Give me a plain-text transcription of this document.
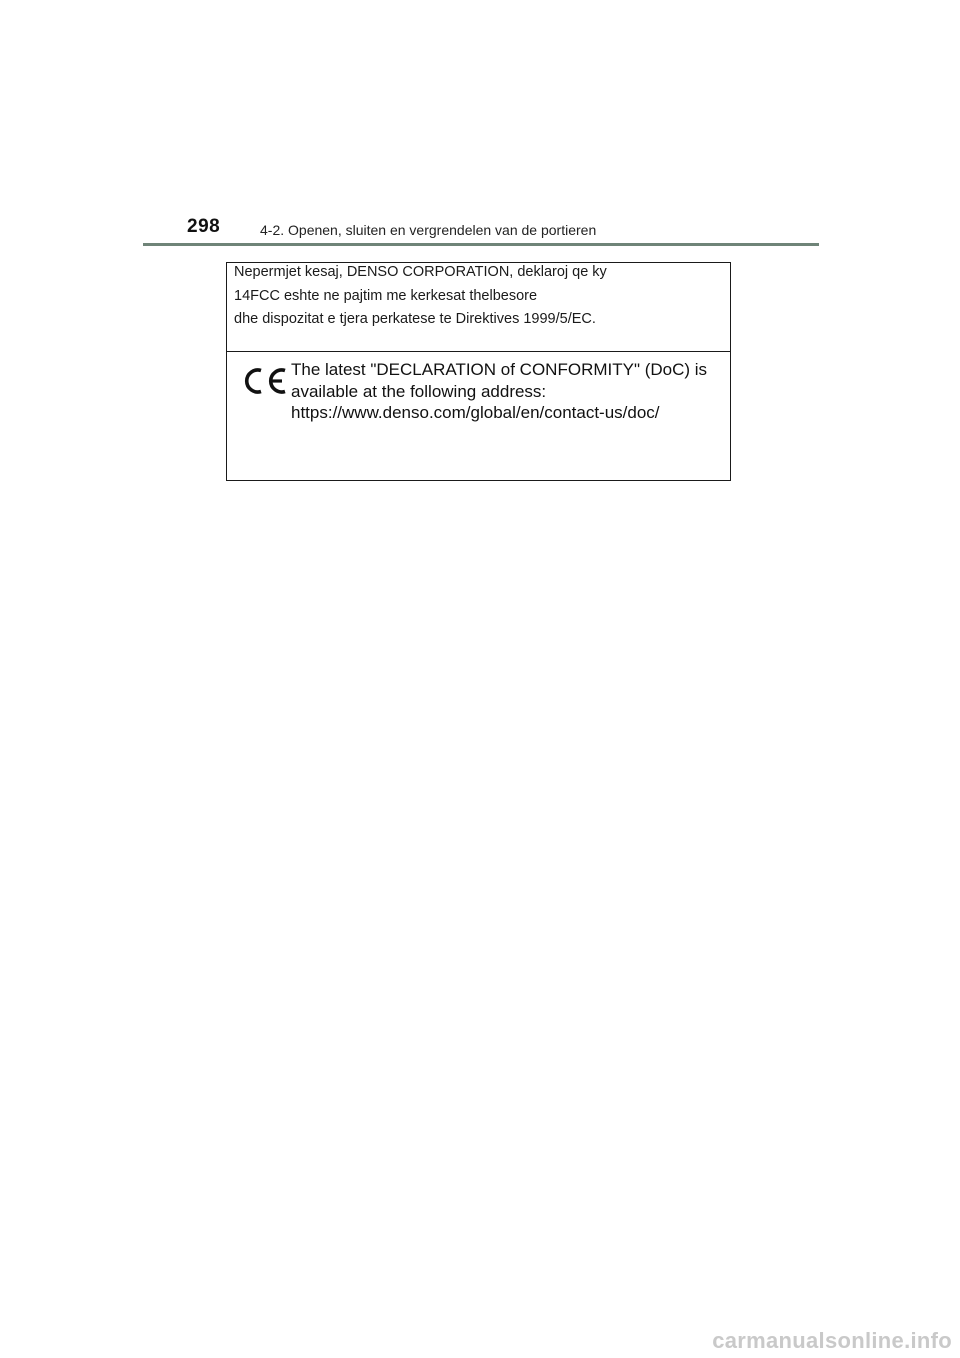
298	4-2. Openen, sluiten en vergrendelen van de portieren
Nepermjet kesaj, DENSO CORPORATION, deklaroj qe ky
14FCC eshte ne pajtim me kerkesat thelbesore
dhe dispozitat e tjera perkatese te Direktives 1999/5/EC.
The latest "DECLARATION of CONFORMITY" (DoC) is
available at the following address:
https://www.denso.com/global/en/contact-us/doc/
carmanualsonline.info
